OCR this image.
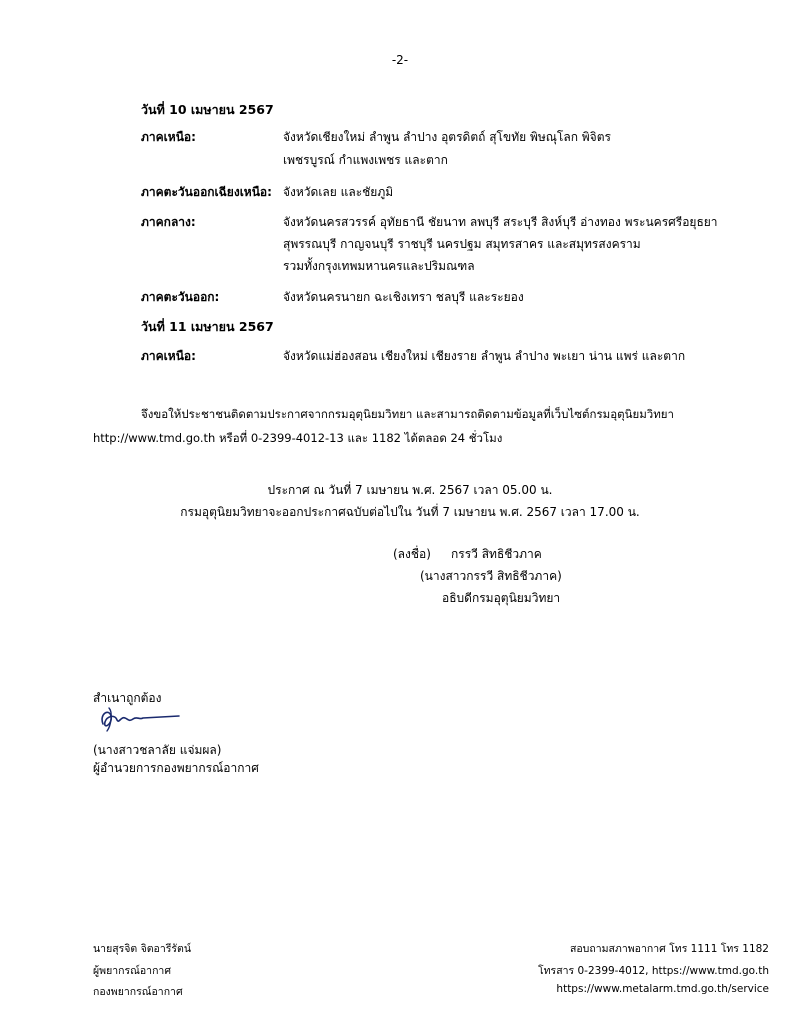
-2-
วันที่ 10 เมษายน 2567
ภาคเหนือ:	จังหวัดเชียงใหม่ ลำพูน ลำปาง อุตรดิตถ์ สุโขทัย พิษณุโลก พิจิตร
เพชรบูรณ์ กำแพงเพชร และตาก
ภาคตะวันออกเฉียงเหนือ: จังหวัดเลย และชัยภูมิ
ภาคกลาง:	จังหวัดนครสวรรค์ อุทัยธานี ชัยนาท ลพบุรี สระบุรี สิงห์บุรี อ่างทอง พระนครศรีอยุธยา
สุพรรณบุรี กาญจนบุรี ราชบุรี นครปฐม สมุทรสาคร และสมุทรสงคราม
รวมทั้งกรุงเทพมหานครและปริมณฑล
ภาคตะวันออก:	จังหวัดนครนายก ฉะเชิงเทรา ชลบุรี และระยอง
วันที่ 11 เมษายน 2567
ภาคเหนือ:	จังหวัดแม่ฮ่องสอน เชียงใหม่ เชียงราย ลำพูน ลำปาง พะเยา น่าน แพร่ และตาก
จึงขอให้ประชาชนติดตามประกาศจากกรมอุตุนิยมวิทยา และสามารถติดตามข้อมูลที่เว็บไซต์กรมอุตุนิยมวิทยา
http://www.tmd.go.th หรือที่ 0-2399-4012-13 และ 1182 ได้ตลอด 24 ชั่วโมง
ประกาศ ณ วันที่ 7 เมษายน พ.ศ. 2567 เวลา 05.00 น.
กรมอุตุนิยมวิทยาจะออกประกาศฉบับต่อไปใน วันที่ 7 เมษายน พ.ศ. 2567 เวลา 17.00 น.
(ลงชื่อ) กรรวี สิทธิชีวภาค
(นางสาวกรรวี สิทธิชีวภาค)
อธิบดีกรมอุตุนิยมวิทยา
สำเนาถูกต้อง
(นางสาวชลาลัย แจ่มผล)
ผู้อำนวยการกองพยากรณ์อากาศ
นายสุรจิต จิตอารีรัตน์
ผู้พยากรณ์อากาศ
กองพยากรณ์อากาศ
สอบถามสภาพอากาศ โทร 1111 โทร 1182
โทรสาร 0-2399-4012, https://www.tmd.go.th
https://www.metalarm.tmd.go.th/service
